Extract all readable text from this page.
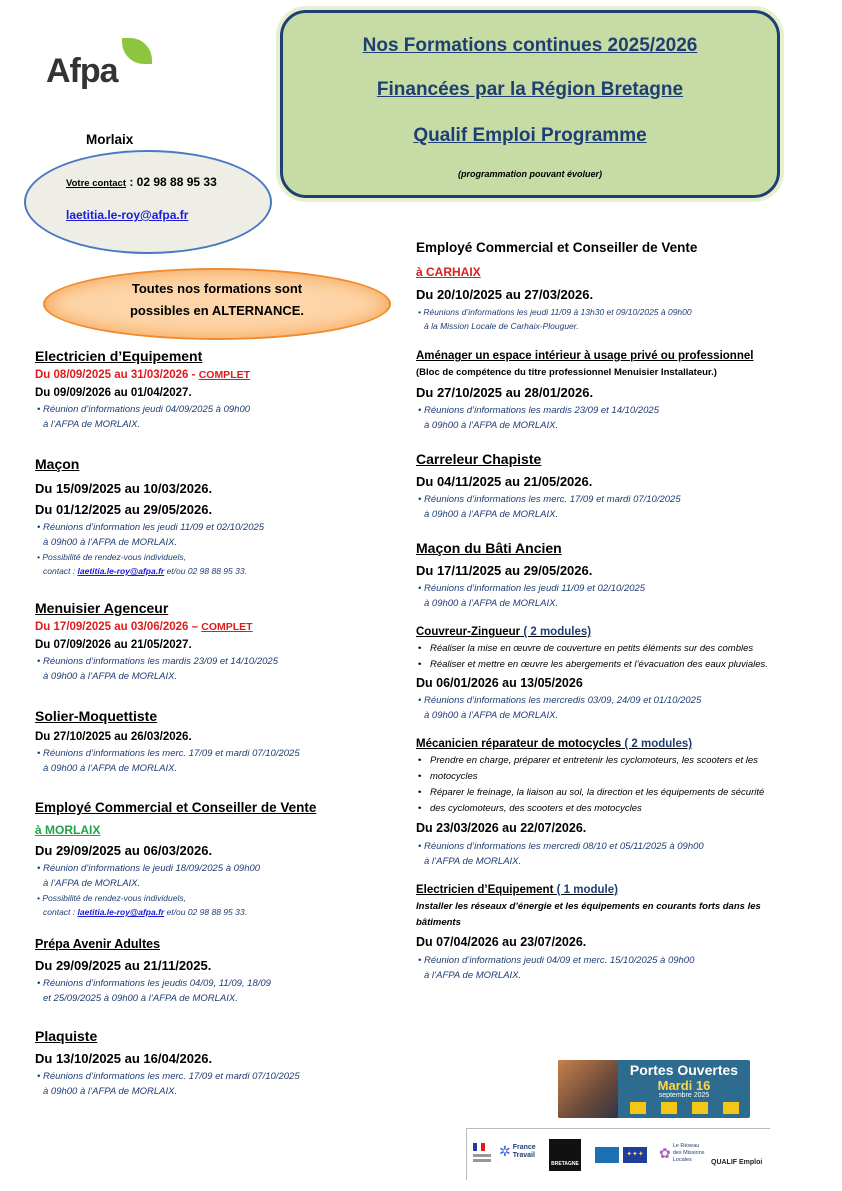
Afpa
Morlaix
Votre contact : 02 98 88 95 33
laetitia.le-roy@afpa.fr
Toutes nos formations sont
possibles en ALTERNANCE.
Nos Formations continues 2025/2026
Financées par la Région Bretagne
Qualif Emploi Programme
(programmation pouvant évoluer)
Electricien d’Equipement
Du 08/09/2025 au 31/03/2026 - COMPLET
Du 09/09/2026 au 01/04/2027.
• Réunion d’informations jeudi 04/09/2025 à 09h00
à l’AFPA de MORLAIX.
Maçon
Du 15/09/2025 au 10/03/2026.
Du 01/12/2025 au 29/05/2026.
• Réunions d’information les jeudi 11/09 et 02/10/2025
à 09h00 à l’AFPA de MORLAIX.
• Possibilité de rendez-vous individuels,
contact : laetitia.le-roy@afpa.fr et/ou 02 98 88 95 33.
Menuisier Agenceur
Du 17/09/2025 au 03/06/2026 – COMPLET
Du 07/09/2026 au 21/05/2027.
• Réunions d’informations les mardis 23/09 et 14/10/2025
à 09h00 à l’AFPA de MORLAIX.
Solier-Moquettiste
Du 27/10/2025 au 26/03/2026.
• Réunions d’informations les merc. 17/09 et mardi 07/10/2025
à 09h00 à l’AFPA de MORLAIX.
Employé Commercial et Conseiller de Vente
à MORLAIX
Du 29/09/2025 au 06/03/2026.
• Réunion d’informations le jeudi 18/09/2025 à 09h00
à l’AFPA de MORLAIX.
• Possibilité de rendez-vous individuels,
contact : laetitia.le-roy@afpa.fr et/ou 02 98 88 95 33.
Prépa Avenir Adultes
Du 29/09/2025 au 21/11/2025.
• Réunions d’informations les jeudis 04/09, 11/09, 18/09
et 25/09/2025 à 09h00 à l’AFPA de MORLAIX.
Plaquiste
Du 13/10/2025 au 16/04/2026.
• Réunions d’informations les merc. 17/09 et mardi 07/10/2025
à 09h00 à l’AFPA de MORLAIX.
Employé Commercial et Conseiller de Vente
à CARHAIX
Du 20/10/2025 au 27/03/2026.
• Réunions d’informations les jeudi 11/09 à 13h30 et 09/10/2025 à 09h00
à la Mission Locale de Carhaix-Plouguer.
Aménager un espace intérieur à usage privé ou professionnel
(Bloc de compétence du titre professionnel Menuisier Installateur.)
Du 27/10/2025 au 28/01/2026.
• Réunions d’informations les mardis 23/09 et 14/10/2025
à 09h00 à l’AFPA de MORLAIX.
Carreleur Chapiste
Du 04/11/2025 au 21/05/2026.
• Réunions d’informations les merc. 17/09 et mardi 07/10/2025
à 09h00 à l’AFPA de MORLAIX.
Maçon du Bâti Ancien
Du 17/11/2025 au 29/05/2026.
• Réunions d’information les jeudi 11/09 et 02/10/2025
à 09h00 à l’AFPA de MORLAIX.
Couvreur-Zingueur ( 2 modules)
• Réaliser la mise en œuvre de couverture en petits éléments sur des combles
• Réaliser et mettre en œuvre les abergements et l’évacuation des eaux pluviales.
Du 06/01/2026 au 13/05/2026
• Réunions d’informations les mercredis 03/09, 24/09 et 01/10/2025
à 09h00 à l’AFPA de MORLAIX.
Mécanicien réparateur de motocycles ( 2 modules)
• Prendre en charge, préparer et entretenir les cyclomoteurs, les scooters et les
• motocycles

• Réparer le freinage, la liaison au sol, la direction et les équipements de sécurité
• des cyclomoteurs, des scooters et des motocycles

Du 23/03/2026 au 22/07/2026.
• Réunions d’informations les mercredi 08/10 et 05/11/2025 à 09h00
à l’AFPA de MORLAIX.
Electricien d’Equipement ( 1 module)
Installer les réseaux d’énergie et les équipements en courants forts dans les
bâtiments
Du 07/04/2026 au 23/07/2026.
• Réunion d’informations jeudi 04/09 et merc. 15/10/2025 à 09h00
à l’AFPA de MORLAIX.
Portes Ouvertes
Mardi 16
septembre 2025
✲ France Travail
BRETAGNE
✦✦✦ ✿ Le Réseau des Missions Locales	QUALIF Emploi
